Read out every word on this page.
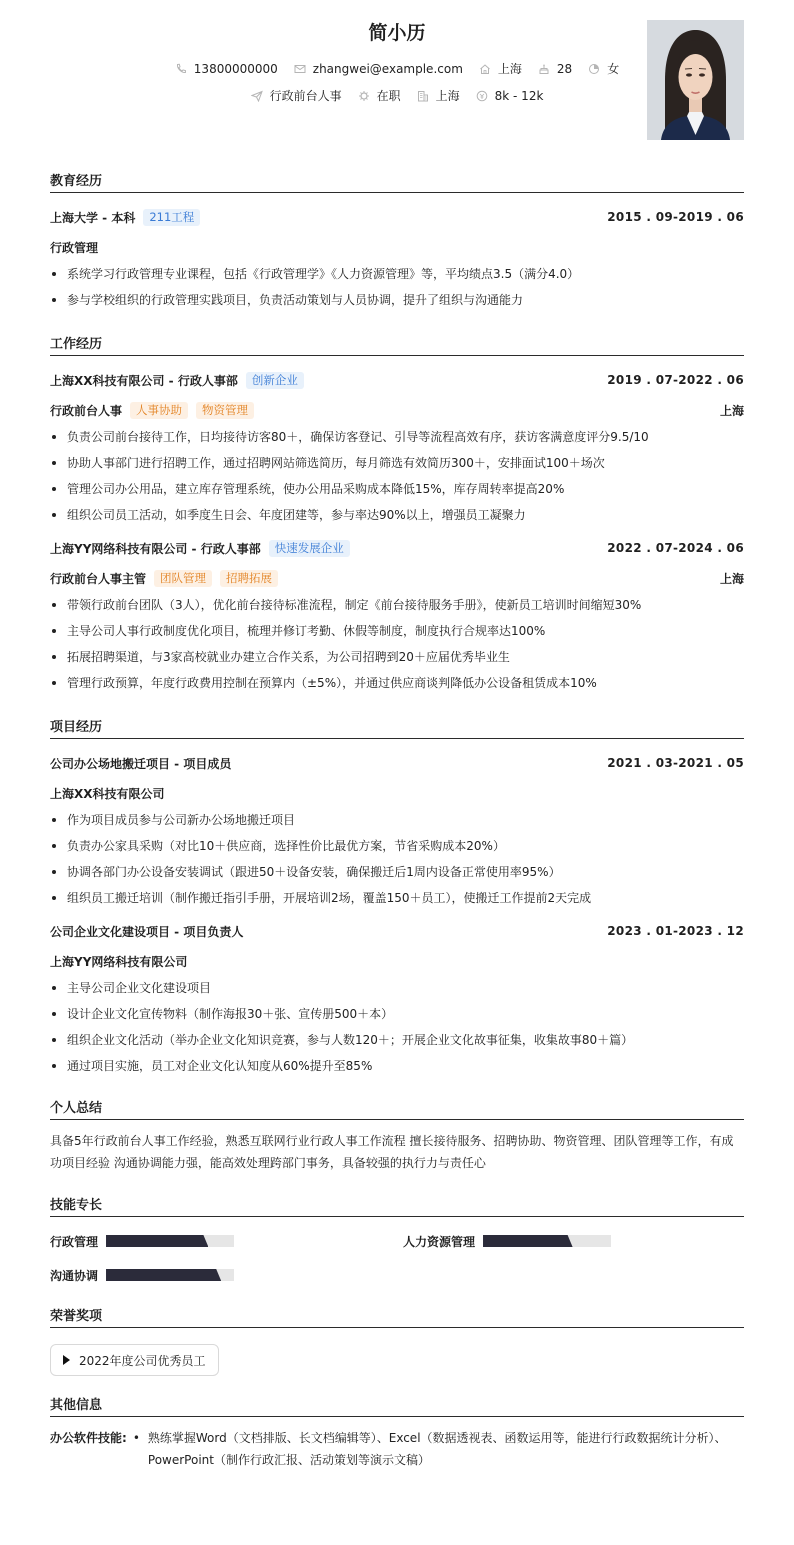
简小历
13800000000	zhangwei@example.com	上海	28	女
行政前台人事	在职	上海	8k - 12k
教育经历
上海大学 - 本科	211工程	2015 . 09-2019 . 06
行政管理
系统学习行政管理专业课程，包括《行政管理学》《人力资源管理》等，平均绩点3.5（满分4.0）
参与学校组织的行政管理实践项目，负责活动策划与人员协调，提升了组织与沟通能力
工作经历
上海XX科技有限公司 - 行政人事部	创新企业	2019 . 07-2022 . 06
行政前台人事	人事协助	物资管理	上海
负责公司前台接待工作，日均接待访客80＋，确保访客登记、引导等流程高效有序，获访客满意度评分9.5/10
协助人事部门进行招聘工作，通过招聘网站筛选简历，每月筛选有效简历300＋，安排面试100＋场次
管理公司办公用品，建立库存管理系统，使办公用品采购成本降低15%，库存周转率提高20%
组织公司员工活动，如季度生日会、年度团建等，参与率达90%以上，增强员工凝聚力
上海YY网络科技有限公司 - 行政人事部	快速发展企业	2022 . 07-2024 . 06
行政前台人事主管	团队管理	招聘拓展	上海
带领行政前台团队（3人），优化前台接待标准流程，制定《前台接待服务手册》，使新员工培训时间缩短30%
主导公司人事行政制度优化项目，梳理并修订考勤、休假等制度，制度执行合规率达100%
拓展招聘渠道，与3家高校就业办建立合作关系，为公司招聘到20＋应届优秀毕业生
管理行政预算，年度行政费用控制在预算内（±5%），并通过供应商谈判降低办公设备租赁成本10%
项目经历
公司办公场地搬迁项目 - 项目成员	2021 . 03-2021 . 05
上海XX科技有限公司
作为项目成员参与公司新办公场地搬迁项目
负责办公家具采购（对比10＋供应商，选择性价比最优方案，节省采购成本20%）
协调各部门办公设备安装调试（跟进50＋设备安装，确保搬迁后1周内设备正常使用率95%）
组织员工搬迁培训（制作搬迁指引手册，开展培训2场，覆盖150＋员工），使搬迁工作提前2天完成
公司企业文化建设项目 - 项目负责人	2023 . 01-2023 . 12
上海YY网络科技有限公司
主导公司企业文化建设项目
设计企业文化宣传物料（制作海报30＋张、宣传册500＋本）
组织企业文化活动（举办企业文化知识竞赛，参与人数120＋；开展企业文化故事征集，收集故事80＋篇）
通过项目实施，员工对企业文化认知度从60%提升至85%
个人总结
具备5年行政前台人事工作经验，熟悉互联网行业行政人事工作流程 擅长接待服务、招聘协助、物资管理、团队管理等工作，有成功项目经验 沟通协调能力强，能高效处理跨部门事务，具备较强的执行力与责任心
技能专长
行政管理	人力资源管理
沟通协调
荣誉奖项
2022年度公司优秀员工
其他信息
办公软件技能: • 熟练掌握Word（文档排版、长文档编辑等）、Excel（数据透视表、函数运用等，能进行行政数据统计分析）、PowerPoint（制作行政汇报、活动策划等演示文稿）
